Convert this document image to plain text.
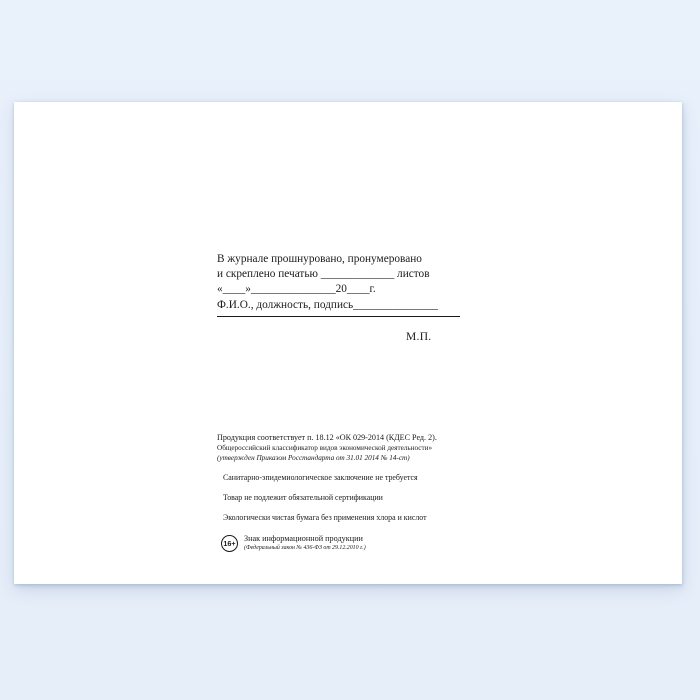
В журнале прошнуровано, пронумеровано
и скреплено печатью _____________ листов
«____»_______________20____г.
Ф.И.О., должность, подпись_______________
М.П.
Продукция соответствует п. 18.12 «ОК 029-2014 (КДЕС Ред. 2).
Общероссийский классификатор видов экономической деятельности»
(утвержден Приказом Росстандарта от 31.01 2014 № 14-ст)
Санитарно-эпидемиологическое заключение не требуется
Товар не подлежит обязательной сертификации
Экологически чистая бумага без применения хлора и кислот
16+ Знак информационной продукции
(Федеральный закон № 436-ФЗ от 29.12.2010 г.)
